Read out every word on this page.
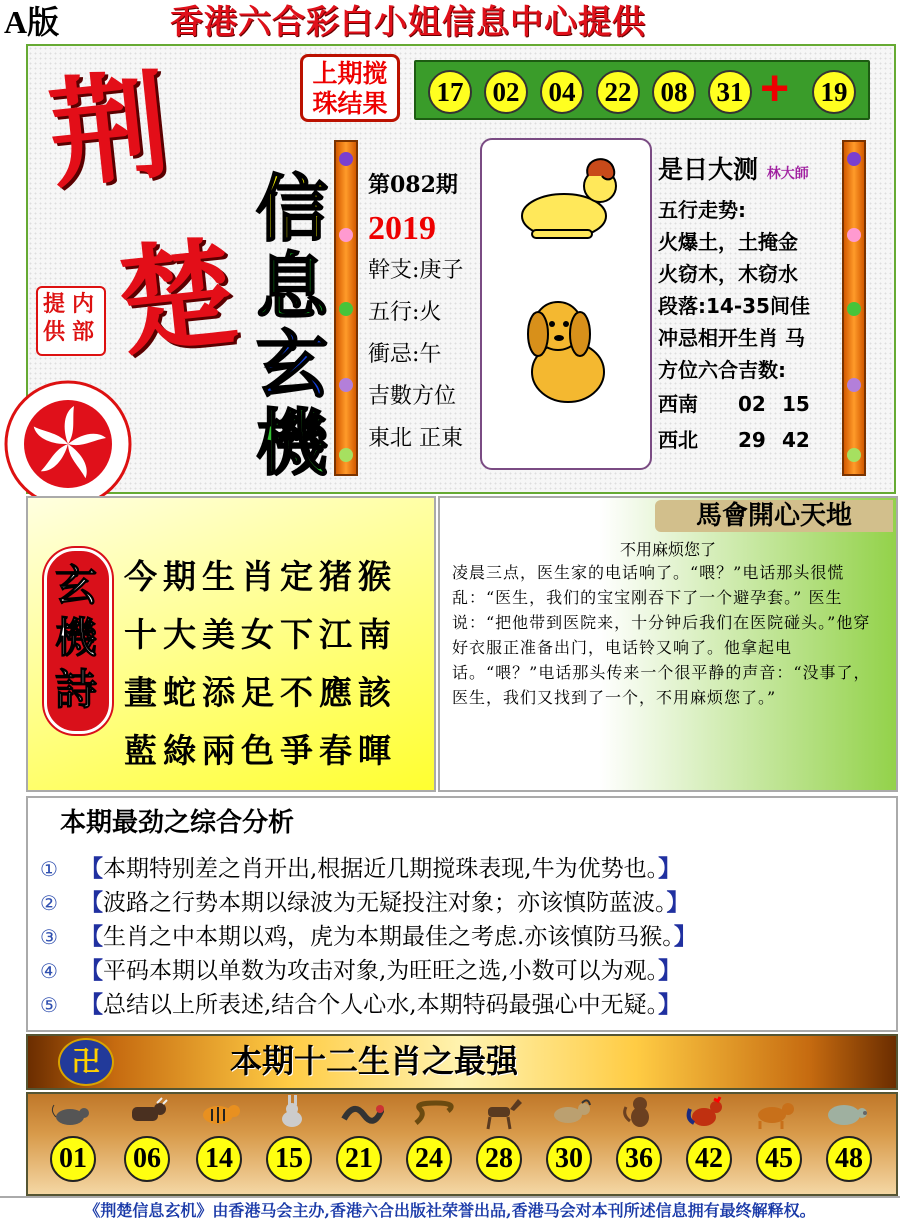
A版	香港六合彩白小姐信息中心提供
荆
楚
提
供
内
部
上期搅
珠结果	17	02	04	22	08	31	19
+
信
息
玄
機
第082期
2019
幹支:庚子
五行:火
衝忌:午
吉數方位
東北 正東
是日大测 林大師
五行走势:
火爆土，土掩金
火窃木，木窃水
段落:14-35间佳
冲忌相开生肖 马
方位六合吉数:
西南 02 15
西北 29 42
玄
機
詩
今期生肖定猪猴
十大美女下江南
畫蛇添足不應該
藍綠兩色爭春暉
馬會開心天地
不用麻烦您了
凌晨三点，医生家的电话响了。“喂？”电话那头很慌乱：“医生，我们的宝宝刚吞下了一个避孕套。” 医生说：“把他带到医院来，十分钟后我们在医院碰头。”他穿好衣服正准备出门，电话铃又响了。他拿起电话。“喂？”电话那头传来一个很平静的声音：“没事了，医生，我们又找到了一个，不用麻烦您了。”
本期最劲之综合分析
① 【本期特别差之肖开出,根据近几期搅珠表现,牛为优势也。】
② 【波路之行势本期以绿波为无疑投注对象；亦该慎防蓝波。】
③ 【生肖之中本期以鸡，虎为本期最佳之考虑.亦该慎防马猴。】
④ 【平码本期以单数为攻击对象,为旺旺之选,小数可以为观。】
⑤ 【总结以上所表述,结合个人心水,本期特码最强心中无疑。】
卍	本期十二生肖之最强
01	06	14	15	21	24	28	30	36	42	45	48
《荆楚信息玄机》由香港马会主办,香港六合出版社荣誉出品,香港马会对本刊所述信息拥有最终解释权。
